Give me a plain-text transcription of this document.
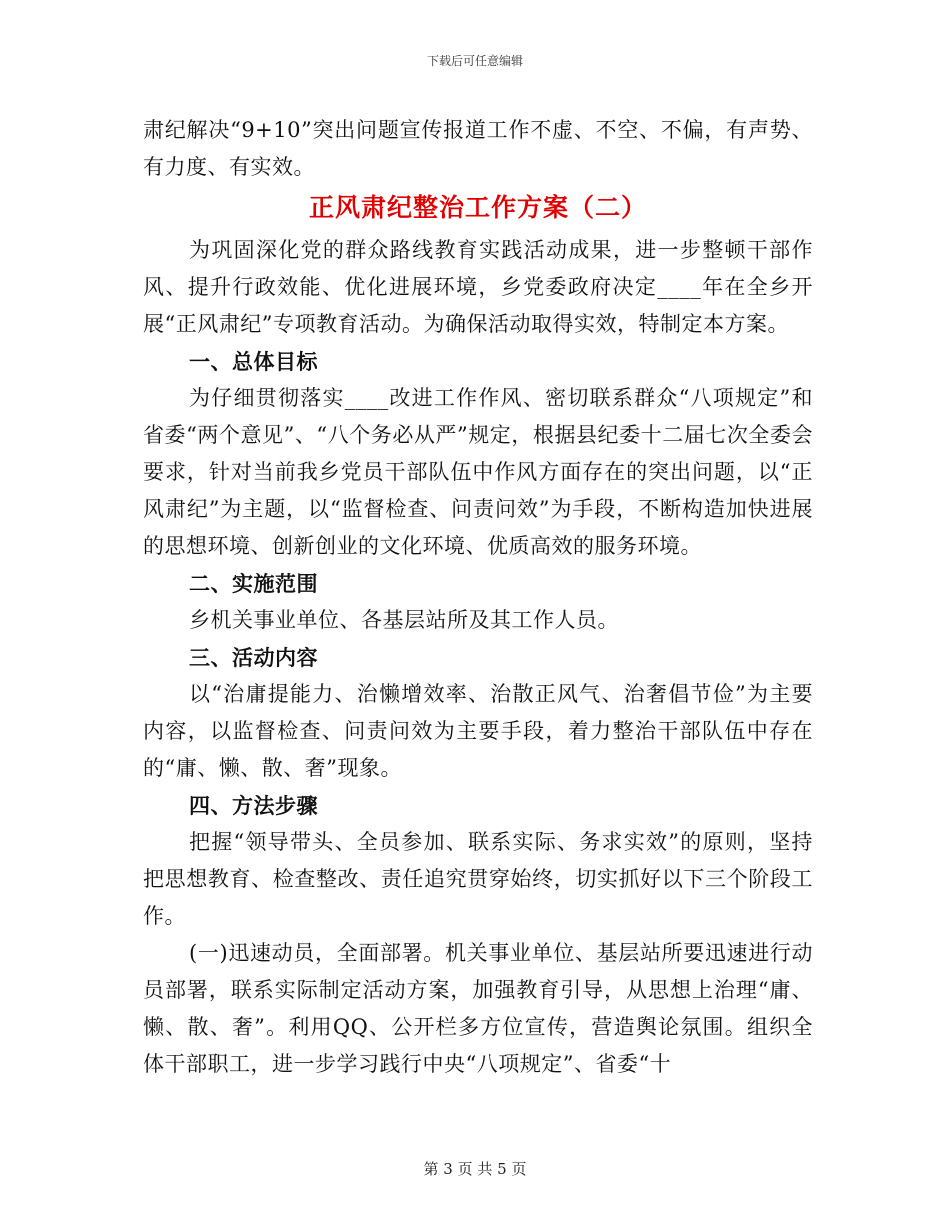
下载后可任意编辑

肃纪解决“9+10”突出问题宣传报道工作不虚、不空、不偏，有声势、有力度、有实效。

正风肃纪整治工作方案（二）

为巩固深化党的群众路线教育实践活动成果，进一步整顿干部作风、提升行政效能、优化进展环境，乡党委政府决定____年在全乡开展“正风肃纪”专项教育活动。为确保活动取得实效，特制定本方案。

一、总体目标

为仔细贯彻落实____改进工作作风、密切联系群众“八项规定”和省委“两个意见”、“八个务必从严”规定，根据县纪委十二届七次全委会要求，针对当前我乡党员干部队伍中作风方面存在的突出问题，以“正风肃纪”为主题，以“监督检查、问责问效”为手段，不断构造加快进展的思想环境、创新创业的文化环境、优质高效的服务环境。

二、实施范围

乡机关事业单位、各基层站所及其工作人员。

三、活动内容

以“治庸提能力、治懒增效率、治散正风气、治奢倡节俭”为主要内容，以监督检查、问责问效为主要手段，着力整治干部队伍中存在的“庸、懒、散、奢”现象。

四、方法步骤

把握“领导带头、全员参加、联系实际、务求实效”的原则，坚持把思想教育、检查整改、责任追究贯穿始终，切实抓好以下三个阶段工作。

(一)迅速动员，全面部署。机关事业单位、基层站所要迅速进行动员部署，联系实际制定活动方案，加强教育引导，从思想上治理“庸、懒、散、奢”。利用QQ、公开栏多方位宣传，营造舆论氛围。组织全体干部职工，进一步学习践行中央“八项规定”、省委“十

第 3 页 共 5 页
